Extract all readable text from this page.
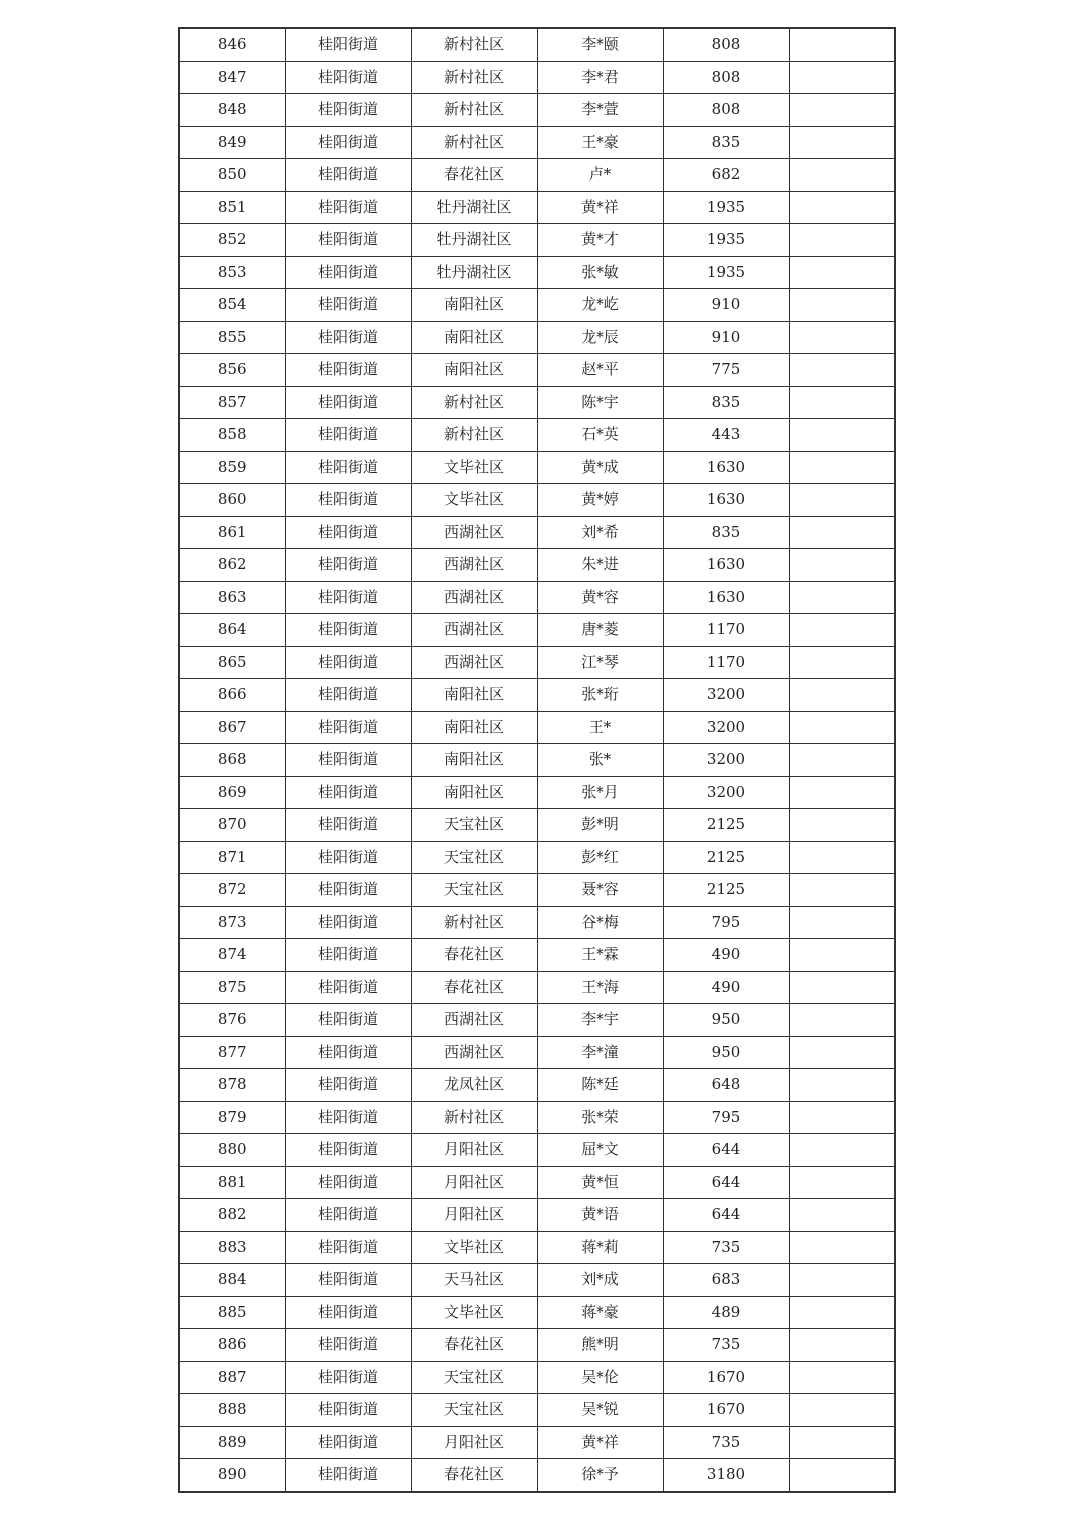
846	桂阳街道	新村社区	李*颐	808	
847	桂阳街道	新村社区	李*君	808	
848	桂阳街道	新村社区	李*萱	808	
849	桂阳街道	新村社区	王*豪	835	
850	桂阳街道	春花社区	卢*	682	
851	桂阳街道	牡丹湖社区	黄*祥	1935	
852	桂阳街道	牡丹湖社区	黄*才	1935	
853	桂阳街道	牡丹湖社区	张*敏	1935	
854	桂阳街道	南阳社区	龙*屹	910	
855	桂阳街道	南阳社区	龙*辰	910	
856	桂阳街道	南阳社区	赵*平	775	
857	桂阳街道	新村社区	陈*宇	835	
858	桂阳街道	新村社区	石*英	443	
859	桂阳街道	文毕社区	黄*成	1630	
860	桂阳街道	文毕社区	黄*婷	1630	
861	桂阳街道	西湖社区	刘*希	835	
862	桂阳街道	西湖社区	朱*进	1630	
863	桂阳街道	西湖社区	黄*容	1630	
864	桂阳街道	西湖社区	唐*菱	1170	
865	桂阳街道	西湖社区	江*琴	1170	
866	桂阳街道	南阳社区	张*珩	3200	
867	桂阳街道	南阳社区	王*	3200	
868	桂阳街道	南阳社区	张*	3200	
869	桂阳街道	南阳社区	张*月	3200	
870	桂阳街道	天宝社区	彭*明	2125	
871	桂阳街道	天宝社区	彭*红	2125	
872	桂阳街道	天宝社区	聂*容	2125	
873	桂阳街道	新村社区	谷*梅	795	
874	桂阳街道	春花社区	王*霖	490	
875	桂阳街道	春花社区	王*海	490	
876	桂阳街道	西湖社区	李*宇	950	
877	桂阳街道	西湖社区	李*潼	950	
878	桂阳街道	龙凤社区	陈*廷	648	
879	桂阳街道	新村社区	张*荣	795	
880	桂阳街道	月阳社区	屈*文	644	
881	桂阳街道	月阳社区	黄*恒	644	
882	桂阳街道	月阳社区	黄*语	644	
883	桂阳街道	文毕社区	蒋*莉	735	
884	桂阳街道	天马社区	刘*成	683	
885	桂阳街道	文毕社区	蒋*豪	489	
886	桂阳街道	春花社区	熊*明	735	
887	桂阳街道	天宝社区	吴*伦	1670	
888	桂阳街道	天宝社区	吴*锐	1670	
889	桂阳街道	月阳社区	黄*祥	735	
890	桂阳街道	春花社区	徐*予	3180	
